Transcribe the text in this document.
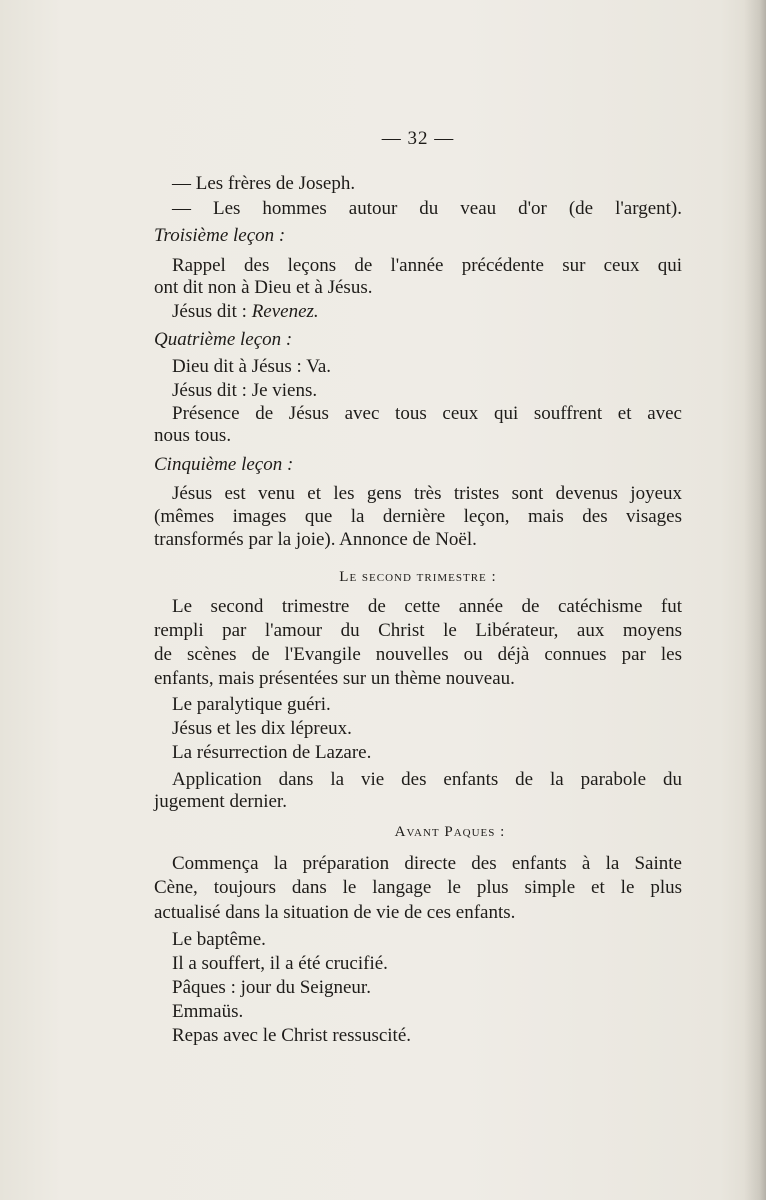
— 32 —
— Les frères de Joseph.
— Les hommes autour du veau d'or (de l'argent).
Troisième leçon :
Rappel des leçons de l'année précédente sur ceux qui
ont dit non à Dieu et à Jésus.
Jésus dit : Revenez.
Quatrième leçon :
Dieu dit à Jésus : Va.
Jésus dit : Je viens.
Présence de Jésus avec tous ceux qui souffrent et avec
nous tous.
Cinquième leçon :
Jésus est venu et les gens très tristes sont devenus joyeux
(mêmes images que la dernière leçon, mais des visages
transformés par la joie). Annonce de Noël.
Le second trimestre :
Le second trimestre de cette année de catéchisme fut
rempli par l'amour du Christ le Libérateur, aux moyens
de scènes de l'Evangile nouvelles ou déjà connues par les
enfants, mais présentées sur un thème nouveau.
Le paralytique guéri.
Jésus et les dix lépreux.
La résurrection de Lazare.
Application dans la vie des enfants de la parabole du
jugement dernier.
Avant Paques :
Commença la préparation directe des enfants à la Sainte
Cène, toujours dans le langage le plus simple et le plus
actualisé dans la situation de vie de ces enfants.
Le baptême.
Il a souffert, il a été crucifié.
Pâques : jour du Seigneur.
Emmaüs.
Repas avec le Christ ressuscité.
